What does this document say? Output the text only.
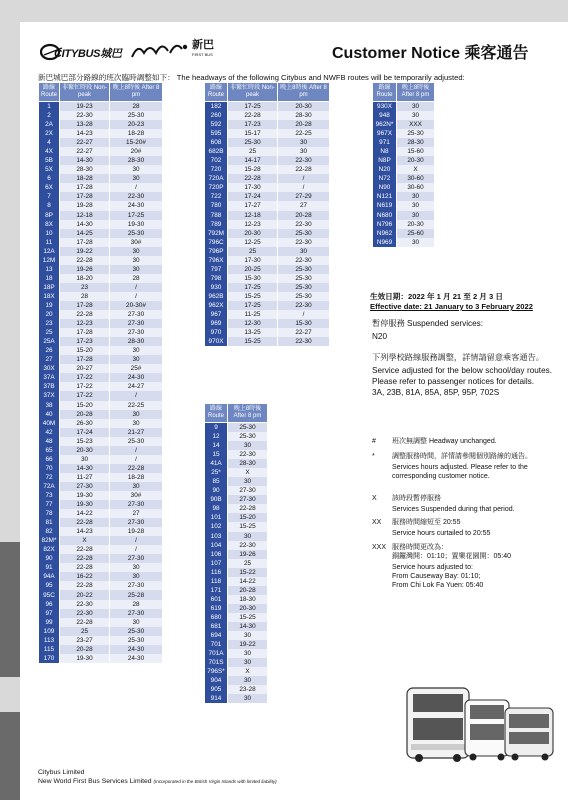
CITYBUS城巴
新巴
FIRST BUS	Customer Notice 乘客通告
新巴城巴部分路線的班次臨時調整如下： The headways of the following Citybus and NWFB routes will be temporarily adjusted:
路線 Route	非繁忙時段 Non-peak	晚上8時後 After 8 pm
1	19-23	28
2	22-30	25-30
2A	13-28	20-23
2X	14-23	18-28
4	22-27	15-20#
4X	22-27	20#
5B	14-30	28-30
5X	28-30	30
6	18-28	30
6X	17-28	/
7	17-28	22-30
8	19-28	24-30
8P	12-18	17-25
8X	14-30	19-30
10	14-25	25-30
11	17-28	30#
12A	19-22	30
12M	22-28	30
13	19-26	30
18	18-20	28
18P	23	/
18X	28	/
19	17-28	20-30#
20	22-28	27-30
23	12-23	27-30
25	17-28	27-30
25A	17-23	28-30
26	15-20	30
27	17-28	30
30X	20-27	25#
37A	17-22	24-30
37B	17-22	24-27
37X	17-22	/
38	15-20	22-25
40	20-28	30
40M	26-30	30
42	17-24	21-27
48	15-23	25-30
65	20-30	/
66	30	/
70	14-30	22-28
72	11-27	18-28
72A	27-30	30
73	19-30	30#
77	19-30	27-30
78	14-22	27
81	22-28	27-30
82	14-23	19-28
82M*	X	/
82X	22-28	/
90	22-28	27-30
91	22-28	30
94A	16-22	30
95	22-28	27-30
95C	20-22	25-28
96	22-30	28
97	22-30	27-30
99	22-28	30
109	25	25-30
113	23-27	25-30
115	20-28	24-30
170	19-30	24-30
路線 Route	非繁忙時段 Non-peak	晚上8時後 After 8 pm
182	17-25	20-30
260	22-28	28-30
592	17-23	20-28
595	15-17	22-25
608	25-30	30
682B	25	30
702	14-17	22-30
720	15-28	22-28
720A	22-28	/
720P	17-30	/
722	17-24	27-29
780	17-27	27
788	12-18	20-28
789	12-23	22-30
792M	20-30	25-30
796C	12-25	22-30
796P	25	30
796X	17-30	22-30
797	20-25	25-30
798	15-30	25-30
930	17-25	25-30
962B	15-25	25-30
962X	17-25	22-30
967	11-25	/
969	12-30	15-30
970	13-25	22-27
970X	15-25	22-30
路線 Route	晚上8時後 After 8 pm
9	25-30
12	25-30
14	30
15	22-30
41A	28-30
25*	X
85	30
90	27-30
90B	27-30
98	22-28
101	15-20
102	15-25
103	30
104	22-30
106	19-26
107	25
116	15-22
118	14-22
171	20-28
601	18-30
619	20-30
680	15-25
681	14-30
694	30
701	19-22
701A	30
701S	30
796S*	X
904	30
905	23-28
914	30
路線 Route	晚上8時後 After 8 pm
930X	30
948	30
962N*	XXX
967X	25-30
971	28-30
N8	15-60
N8P	20-30
N20	X
N72	30-60
N90	30-60
N121	30
N619	30
N680	30
N796	20-30
N962	25-60
N969	30
生效日期：2022 年 1 月 21 至 2 月 3 日
Effective date: 21 January to 3 February 2022
暫停服務 Suspended services:
N20
下列學校路線服務調整，詳情請留意乘客通告。
Service adjusted for the below school/day routes. Please refer to passenger notices for details.
3A, 23B, 81A, 85A, 85P, 95P, 702S
#	班次無調整 Headway unchanged.
*	調整服務時間，詳情請參閱個別路線的通告。
Services hours adjusted. Please refer to the corresponding customer notice.
X	該時段暫停服務
Services Suspended during that period.
XX	服務時間縮短至 20:55
Service hours curtailed to 20:55
XXX 服務時間更改為：
銅鑼灣開：01:10；置樂花園開：05:40
Service hours adjusted to:
From Causeway Bay: 01:10;
From Chi Lok Fa Yuen: 05:40
Citybus Limited
New World First Bus Services Limited (Incorporated in the British Virgin Islands with limited liability)
